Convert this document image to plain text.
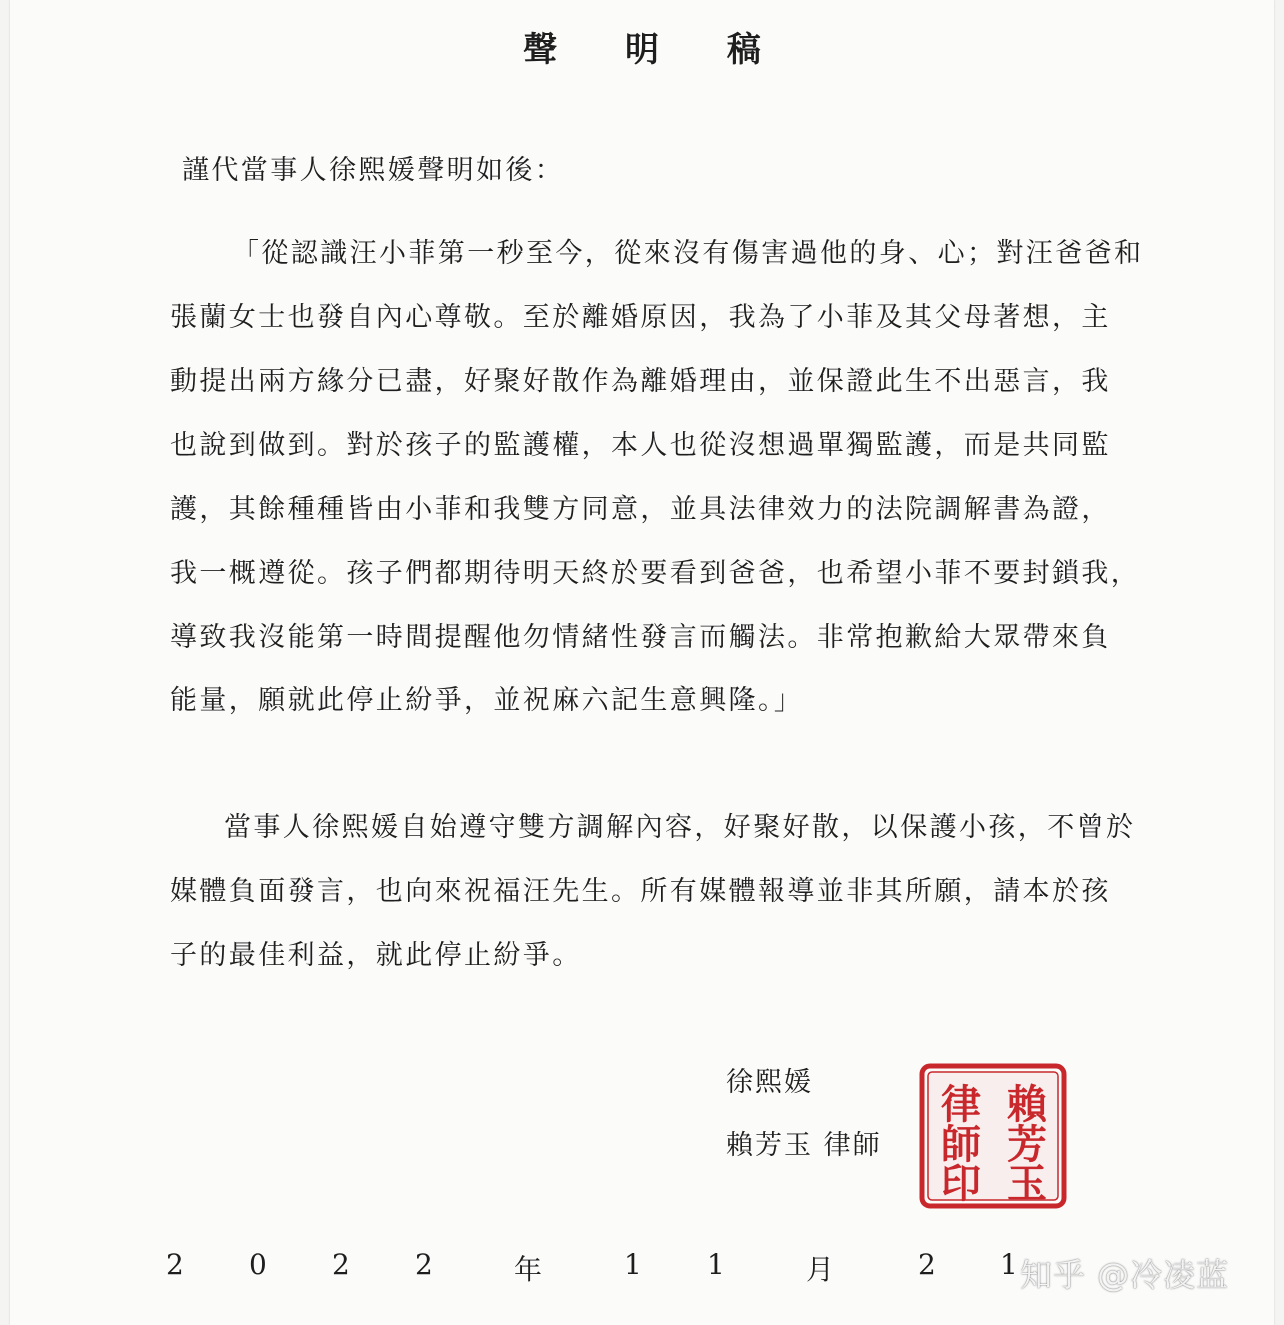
聲 明 稿
謹代當事人徐熙媛聲明如後：
「從認識汪小菲第一秒至今，從來沒有傷害過他的身、心；對汪爸爸和
張蘭女士也發自內心尊敬。至於離婚原因，我為了小菲及其父母著想，主
動提出兩方緣分已盡，好聚好散作為離婚理由，並保證此生不出惡言，我
也說到做到。對於孩子的監護權，本人也從沒想過單獨監護，而是共同監
護，其餘種種皆由小菲和我雙方同意，並具法律效力的法院調解書為證，
我一概遵從。孩子們都期待明天終於要看到爸爸，也希望小菲不要封鎖我，
導致我沒能第一時間提醒他勿情緒性發言而觸法。非常抱歉給大眾帶來負
能量，願就此停止紛爭，並祝麻六記生意興隆。」
當事人徐熙媛自始遵守雙方調解內容，好聚好散，以保護小孩，不曾於
媒體負面發言，也向來祝福汪先生。所有媒體報導並非其所願，請本於孩
子的最佳利益，就此停止紛爭。
徐熙媛
賴芳玉 律師
賴
芳
玉
律
師
印
2 0 2 2	年	1 1	月	2 1 知乎 @冷凌蓝
